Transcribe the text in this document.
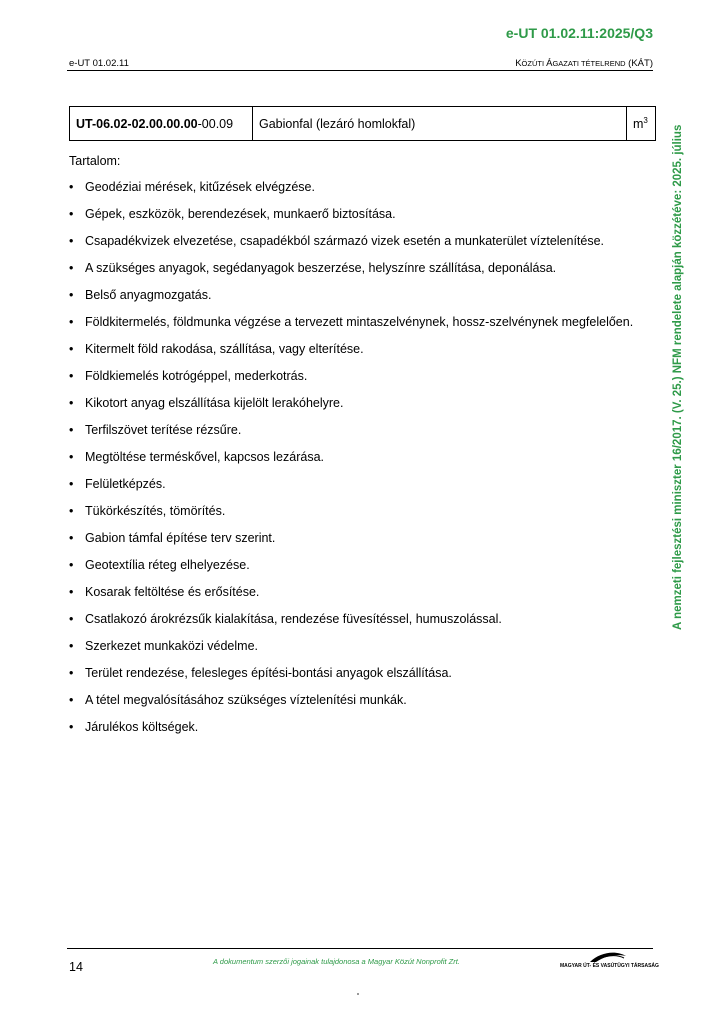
e-UT 01.02.11:2025/Q3
e-UT 01.02.11	KÖZÚTI ÁGAZATI TÉTELREND (KÁT)
UT-06.02-02.00.00.00-00.09	Gabionfal (lezáró homlokfal)	$m^3$
Tartalom:
• Geodéziai mérések, kitűzések elvégzése.
• Gépek, eszközök, berendezések, munkaerő biztosítása.
• Csapadékvizek elvezetése, csapadékból származó vizek esetén a munkaterület víztelenítése.
• A szükséges anyagok, segédanyagok beszerzése, helyszínre szállítása, deponálása.
• Belső anyagmozgatás.
• Földkitermelés, földmunka végzése a tervezett mintaszelvénynek, hossz-szelvénynek megfelelően.
• Kitermelt föld rakodása, szállítása, vagy elterítése.
• Földkiemelés kotrógéppel, mederkotrás.
• Kikotort anyag elszállítása kijelölt lerakóhelyre.
• Terfilszövet terítése rézsűre.
• Megtöltése terméskővel, kapcsos lezárása.
• Felületképzés.
• Tükörkészítés, tömörítés.
• Gabion támfal építése terv szerint.
• Geotextília réteg elhelyezése.
• Kosarak feltöltése és erősítése.
• Csatlakozó árokrézsűk kialakítása, rendezése füvesítéssel, humuszolással.
• Szerkezet munkaközi védelme.
• Terület rendezése, felesleges építési-bontási anyagok elszállítása.
• A tétel megvalósításához szükséges víztelenítési munkák.
• Járulékos költségek.
A nemzeti fejlesztési miniszter 16/2017. (V. 25.) NFM rendelete alapján közzétéve: 2025. július
14	A dokumentum szerzői jogainak tulajdonosa a Magyar Közút Nonprofit Zrt.	MAGYAR ÚT- ÉS VASÚTÜGYI TÁRSASÁG
